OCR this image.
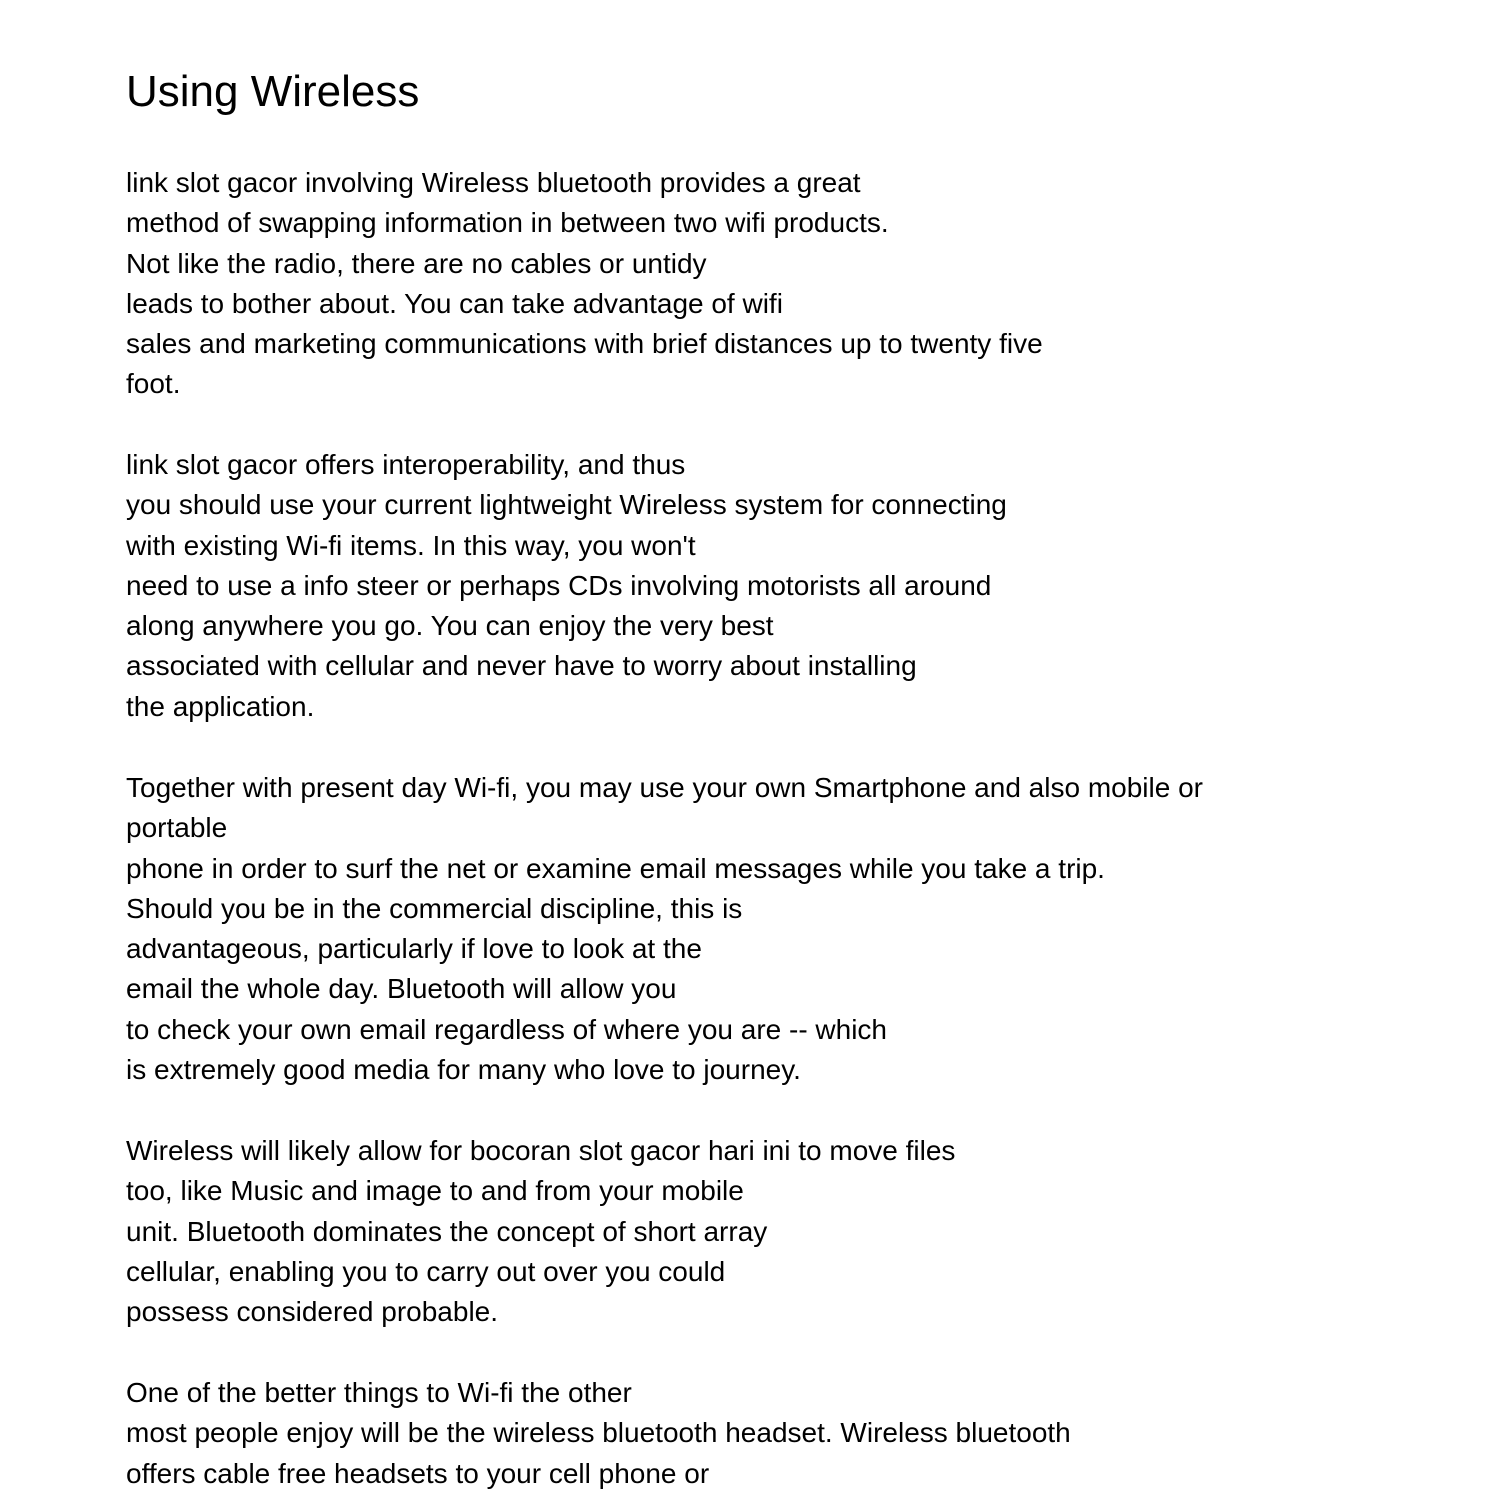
Using Wireless

link slot gacor involving Wireless bluetooth provides a great
method of swapping information in between two wifi products.
Not like the radio, there are no cables or untidy
leads to bother about. You can take advantage of wifi
sales and marketing communications with brief distances up to twenty five
foot.

link slot gacor offers interoperability, and thus
you should use your current lightweight Wireless system for connecting
with existing Wi-fi items. In this way, you won't
need to use a info steer or perhaps CDs involving motorists all around
along anywhere you go. You can enjoy the very best
associated with cellular and never have to worry about installing
the application.

Together with present day Wi-fi, you may use your own Smartphone and also mobile or
portable
phone in order to surf the net or examine email messages while you take a trip.
Should you be in the commercial discipline, this is
advantageous, particularly if love to look at the
email the whole day. Bluetooth will allow you
to check your own email regardless of where you are -- which
is extremely good media for many who love to journey.

Wireless will likely allow for bocoran slot gacor hari ini to move files
too, like Music and image to and from your mobile
unit. Bluetooth dominates the concept of short array
cellular, enabling you to carry out over you could
possess considered probable.

One of the better things to Wi-fi the other
most people enjoy will be the wireless bluetooth headset. Wireless bluetooth
offers cable free headsets to your cell phone or
